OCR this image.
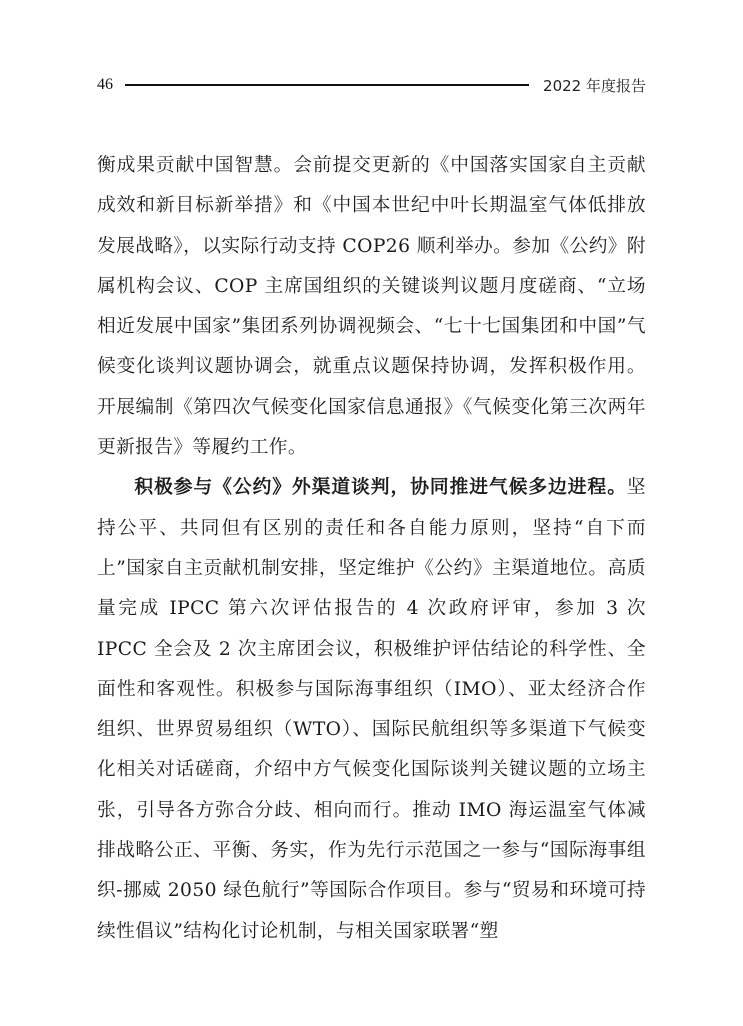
46	2022 年度报告

衡成果贡献中国智慧。会前提交更新的《中国落实国家自主贡献成效和新目标新举措》和《中国本世纪中叶长期温室气体低排放发展战略》，以实际行动支持 COP26 顺利举办。参加《公约》附属机构会议、COP 主席国组织的关键谈判议题月度磋商、“立场相近发展中国家”集团系列协调视频会、“七十七国集团和中国”气候变化谈判议题协调会，就重点议题保持协调，发挥积极作用。开展编制《第四次气候变化国家信息通报》《气候变化第三次两年更新报告》等履约工作。

积极参与《公约》外渠道谈判，协同推进气候多边进程。坚持公平、共同但有区别的责任和各自能力原则，坚持“自下而上”国家自主贡献机制安排，坚定维护《公约》主渠道地位。高质量完成 IPCC 第六次评估报告的 4 次政府评审，参加 3 次 IPCC 全会及 2 次主席团会议，积极维护评估结论的科学性、全面性和客观性。积极参与国际海事组织（IMO）、亚太经济合作组织、世界贸易组织（WTO）、国际民航组织等多渠道下气候变化相关对话磋商，介绍中方气候变化国际谈判关键议题的立场主张，引导各方弥合分歧、相向而行。推动 IMO 海运温室气体减排战略公正、平衡、务实，作为先行示范国之一参与“国际海事组织-挪威 2050 绿色航行”等国际合作项目。参与“贸易和环境可持续性倡议”结构化讨论机制，与相关国家联署“塑
